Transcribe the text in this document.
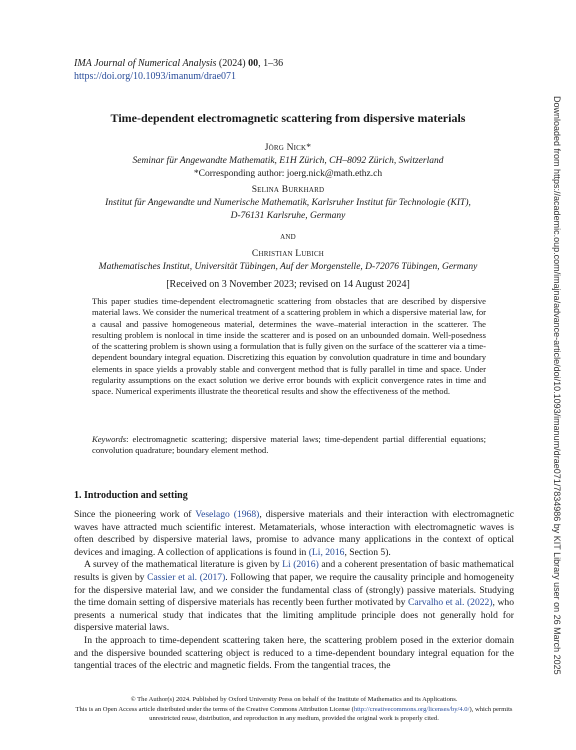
IMA Journal of Numerical Analysis (2024) 00, 1–36
https://doi.org/10.1093/imanum/drae071
Time-dependent electromagnetic scattering from dispersive materials
Jörg Nick*
Seminar für Angewandte Mathematik, E1H Zürich, CH–8092 Zürich, Switzerland
*Corresponding author: joerg.nick@math.ethz.ch
Selina Burkhard
Institut für Angewandte und Numerische Mathematik, Karlsruher Institut für Technologie (KIT),
D-76131 Karlsruhe, Germany
and
Christian Lubich
Mathematisches Institut, Universität Tübingen, Auf der Morgenstelle, D-72076 Tübingen, Germany
[Received on 3 November 2023; revised on 14 August 2024]
This paper studies time-dependent electromagnetic scattering from obstacles that are described by dispersive material laws. We consider the numerical treatment of a scattering problem in which a dispersive material law, for a causal and passive homogeneous material, determines the wave–material interaction in the scatterer. The resulting problem is nonlocal in time inside the scatterer and is posed on an unbounded domain. Well-posedness of the scattering problem is shown using a formulation that is fully given on the surface of the scatterer via a time-dependent boundary integral equation. Discretizing this equation by convolution quadrature in time and boundary elements in space yields a provably stable and convergent method that is fully parallel in time and space. Under regularity assumptions on the exact solution we derive error bounds with explicit convergence rates in time and space. Numerical experiments illustrate the theoretical results and show the effectiveness of the method.
Keywords: electromagnetic scattering; dispersive material laws; time-dependent partial differential equations; convolution quadrature; boundary element method.
1. Introduction and setting

Since the pioneering work of Veselago (1968), dispersive materials and their interaction with electromagnetic waves have attracted much scientific interest. Metamaterials, whose interaction with electromagnetic waves is often described by dispersive material laws, promise to advance many applications in the context of optical devices and imaging. A collection of applications is found in (Li, 2016, Section 5).

A survey of the mathematical literature is given by Li (2016) and a coherent presentation of basic mathematical results is given by Cassier et al. (2017). Following that paper, we require the causality principle and homogeneity for the dispersive material law, and we consider the fundamental class of (strongly) passive materials. Studying the time domain setting of dispersive materials has recently been further motivated by Carvalho et al. (2022), who presents a numerical study that indicates that the limiting amplitude principle does not generally hold for dispersive material laws.

In the approach to time-dependent scattering taken here, the scattering problem posed in the exterior domain and the dispersive bounded scattering object is reduced to a time-dependent boundary integral equation for the tangential traces of the electric and magnetic fields. From the tangential traces, the

© The Author(s) 2024. Published by Oxford University Press on behalf of the Institute of Mathematics and its Applications.
This is an Open Access article distributed under the terms of the Creative Commons Attribution License (http://creativecommons.org/licenses/by/4.0/), which permits unrestricted reuse, distribution, and reproduction in any medium, provided the original work is properly cited.
Downloaded from https://academic.oup.com/imajna/advance-article/doi/10.1093/imanum/drae071/7834986 by KIT Library user on 26 March 2025
